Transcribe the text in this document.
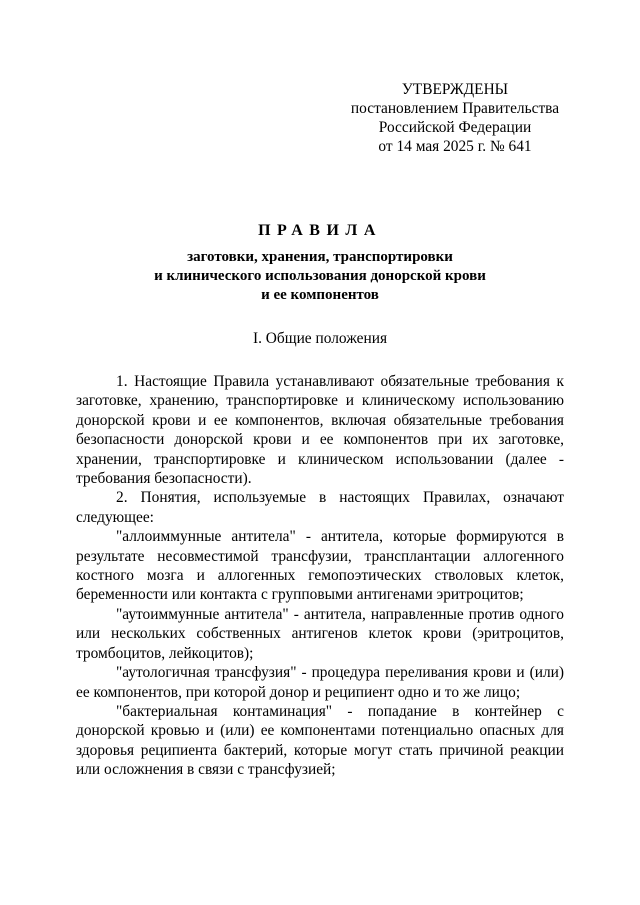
УТВЕРЖДЕНЫ
постановлением Правительства
Российской Федерации
от 14 мая 2025 г. № 641
ПРАВИЛА
заготовки, хранения, транспортировки
и клинического использования донорской крови
и ее компонентов
I. Общие положения

1. Настоящие Правила устанавливают обязательные требования к заготовке, хранению, транспортировке и клиническому использованию донорской крови и ее компонентов, включая обязательные требования безопасности донорской крови и ее компонентов при их заготовке, хранении, транспортировке и клиническом использовании (далее - требования безопасности).

2. Понятия, используемые в настоящих Правилах, означают следующее:

"аллоиммунные антитела" - антитела, которые формируются в результате несовместимой трансфузии, трансплантации аллогенного костного мозга и аллогенных гемопоэтических стволовых клеток, беременности или контакта с групповыми антигенами эритроцитов;

"аутоиммунные антитела" - антитела, направленные против одного или нескольких собственных антигенов клеток крови (эритроцитов, тромбоцитов, лейкоцитов);

"аутологичная трансфузия" - процедура переливания крови и (или) ее компонентов, при которой донор и реципиент одно и то же лицо;

"бактериальная контаминация" - попадание в контейнер с донорской кровью и (или) ее компонентами потенциально опасных для здоровья реципиента бактерий, которые могут стать причиной реакции или осложнения в связи с трансфузией;
